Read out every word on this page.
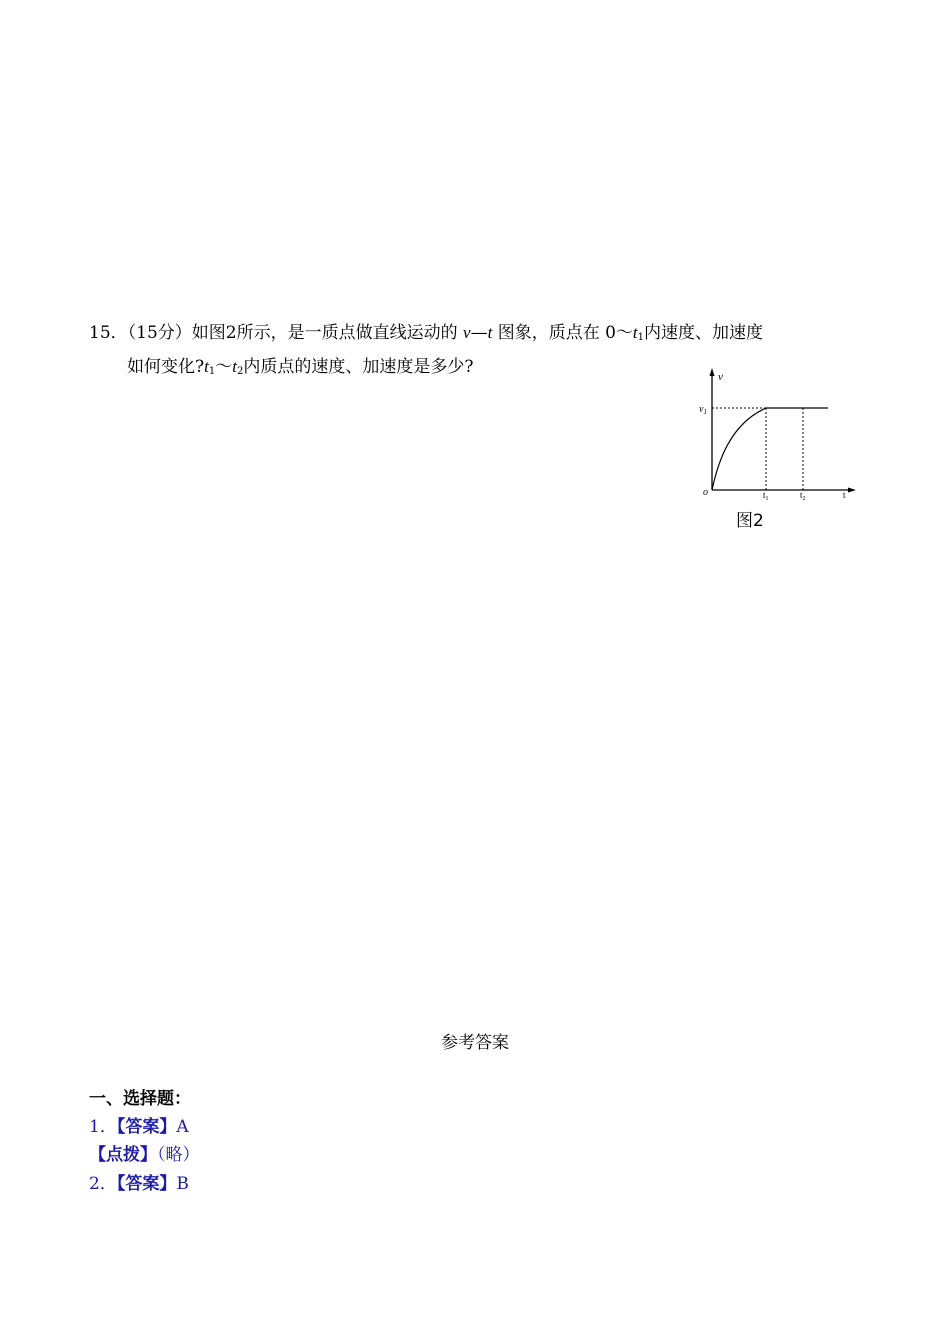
15．（15分）如图2所示，是一质点做直线运动的 v—t 图象，质点在 $0\sim t_1$内速度、加速度
如何变化$?t_1\sim t_2$内质点的速度、加速度是多少?	v
$v_1$
o	$t_1$	$t_2$	t
图2
参考答案
一、选择题：
1．【答案】A
【点拨】（略）
2．【答案】B
